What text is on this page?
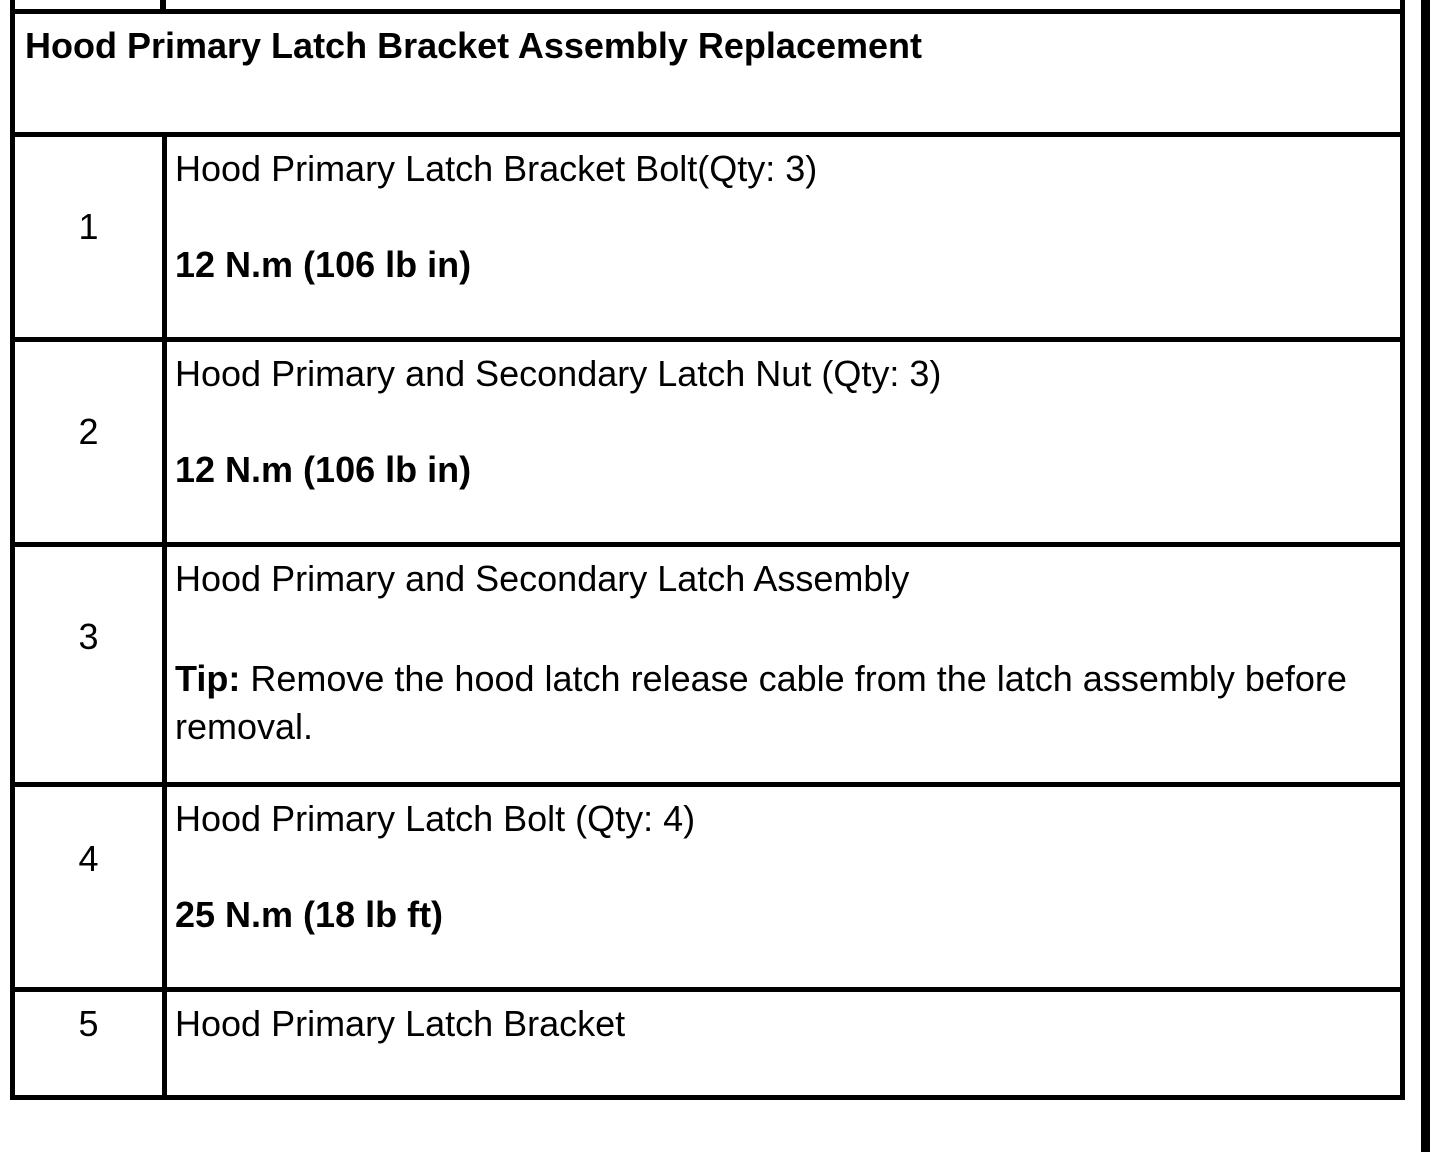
Hood Primary Latch Bracket Assembly Replacement	

1	Hood Primary Latch Bracket Bolt(Qty: 3)

12 N.m (106 lb in)

2	Hood Primary and Secondary Latch Nut (Qty: 3)

12 N.m (106 lb in)

3	Hood Primary and Secondary Latch Assembly

Tip: Remove the hood latch release cable from the latch assembly before removal.

4	Hood Primary Latch Bolt (Qty: 4)

25 N.m (18 lb ft)

5	Hood Primary Latch Bracket
